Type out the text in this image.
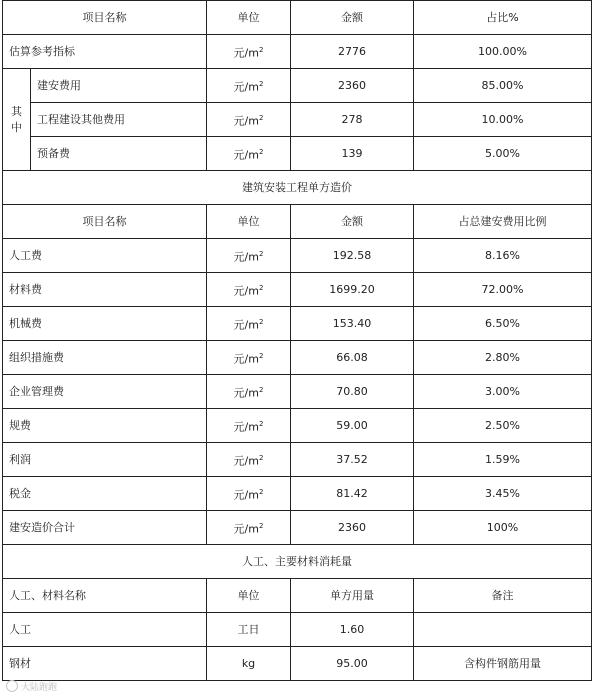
项目名称		单位	金额	占比%
估算参考指标		元$/m^2$	2776	100.00%
其
中	建安费用	元$/m^2$	2360	85.00%
	工程建设其他费用	元$/m^2$	278	10.00%
	预备费	元$/m^2$	139	5.00%
建筑安装工程单方造价				
项目名称		单位	金额	占总建安费用比例
人工费		元$/m^2$	192.58	8.16%
材料费		元$/m^2$	1699.20	72.00%
机械费		元$/m^2$	153.40	6.50%
组织措施费		元$/m^2$	66.08	2.80%
企业管理费		元$/m^2$	70.80	3.00%
规费		元$/m^2$	59.00	2.50%
利润		元$/m^2$	37.52	1.59%
税金		元$/m^2$	81.42	3.45%
建安造价合计		元$/m^2$	2360	100%
人工、主要材料消耗量				
人工、材料名称		单位	单方用量	备注
人工		工日	1.60	
钢材		kg	95.00	含构件钢筋用量
大陆跑跑
